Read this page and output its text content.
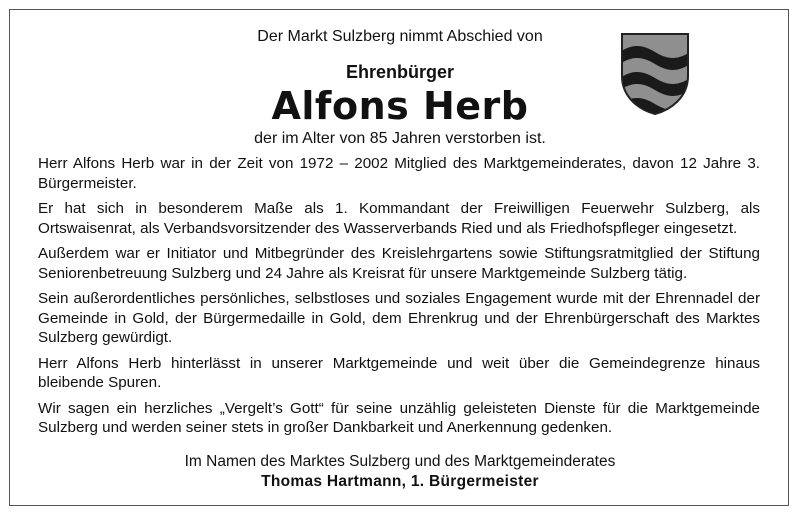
Der Markt Sulzberg nimmt Abschied von
Ehrenbürger
Alfons Herb
der im Alter von 85 Jahren verstorben ist.

Herr Alfons Herb war in der Zeit von 1972 – 2002 Mitglied des Marktgemeinderates, davon 12 Jahre 3. Bürgermeister.

Er hat sich in besonderem Maße als 1. Kommandant der Freiwilligen Feuerwehr Sulzberg, als Ortswaisenrat, als Verbandsvorsitzender des Wasserverbands Ried und als Friedhofspfleger eingesetzt.

Außerdem war er Initiator und Mitbegründer des Kreislehrgartens sowie Stiftungsratmitglied der Stiftung Seniorenbetreuung Sulzberg und 24 Jahre als Kreisrat für unsere Marktgemeinde Sulzberg tätig.

Sein außerordentliches persönliches, selbstloses und soziales Engagement wurde mit der Ehrennadel der Gemeinde in Gold, der Bürgermedaille in Gold, dem Ehrenkrug und der Ehrenbürgerschaft des Marktes Sulzberg gewürdigt.

Herr Alfons Herb hinterlässt in unserer Marktgemeinde und weit über die Gemeindegrenze hinaus bleibende Spuren.

Wir sagen ein herzliches „Vergelt’s Gott“ für seine unzählig geleisteten Dienste für die Marktgemeinde Sulzberg und werden seiner stets in großer Dankbarkeit und Anerkennung gedenken.

Im Namen des Marktes Sulzberg und des Marktgemeinderates
Thomas Hartmann, 1. Bürgermeister
